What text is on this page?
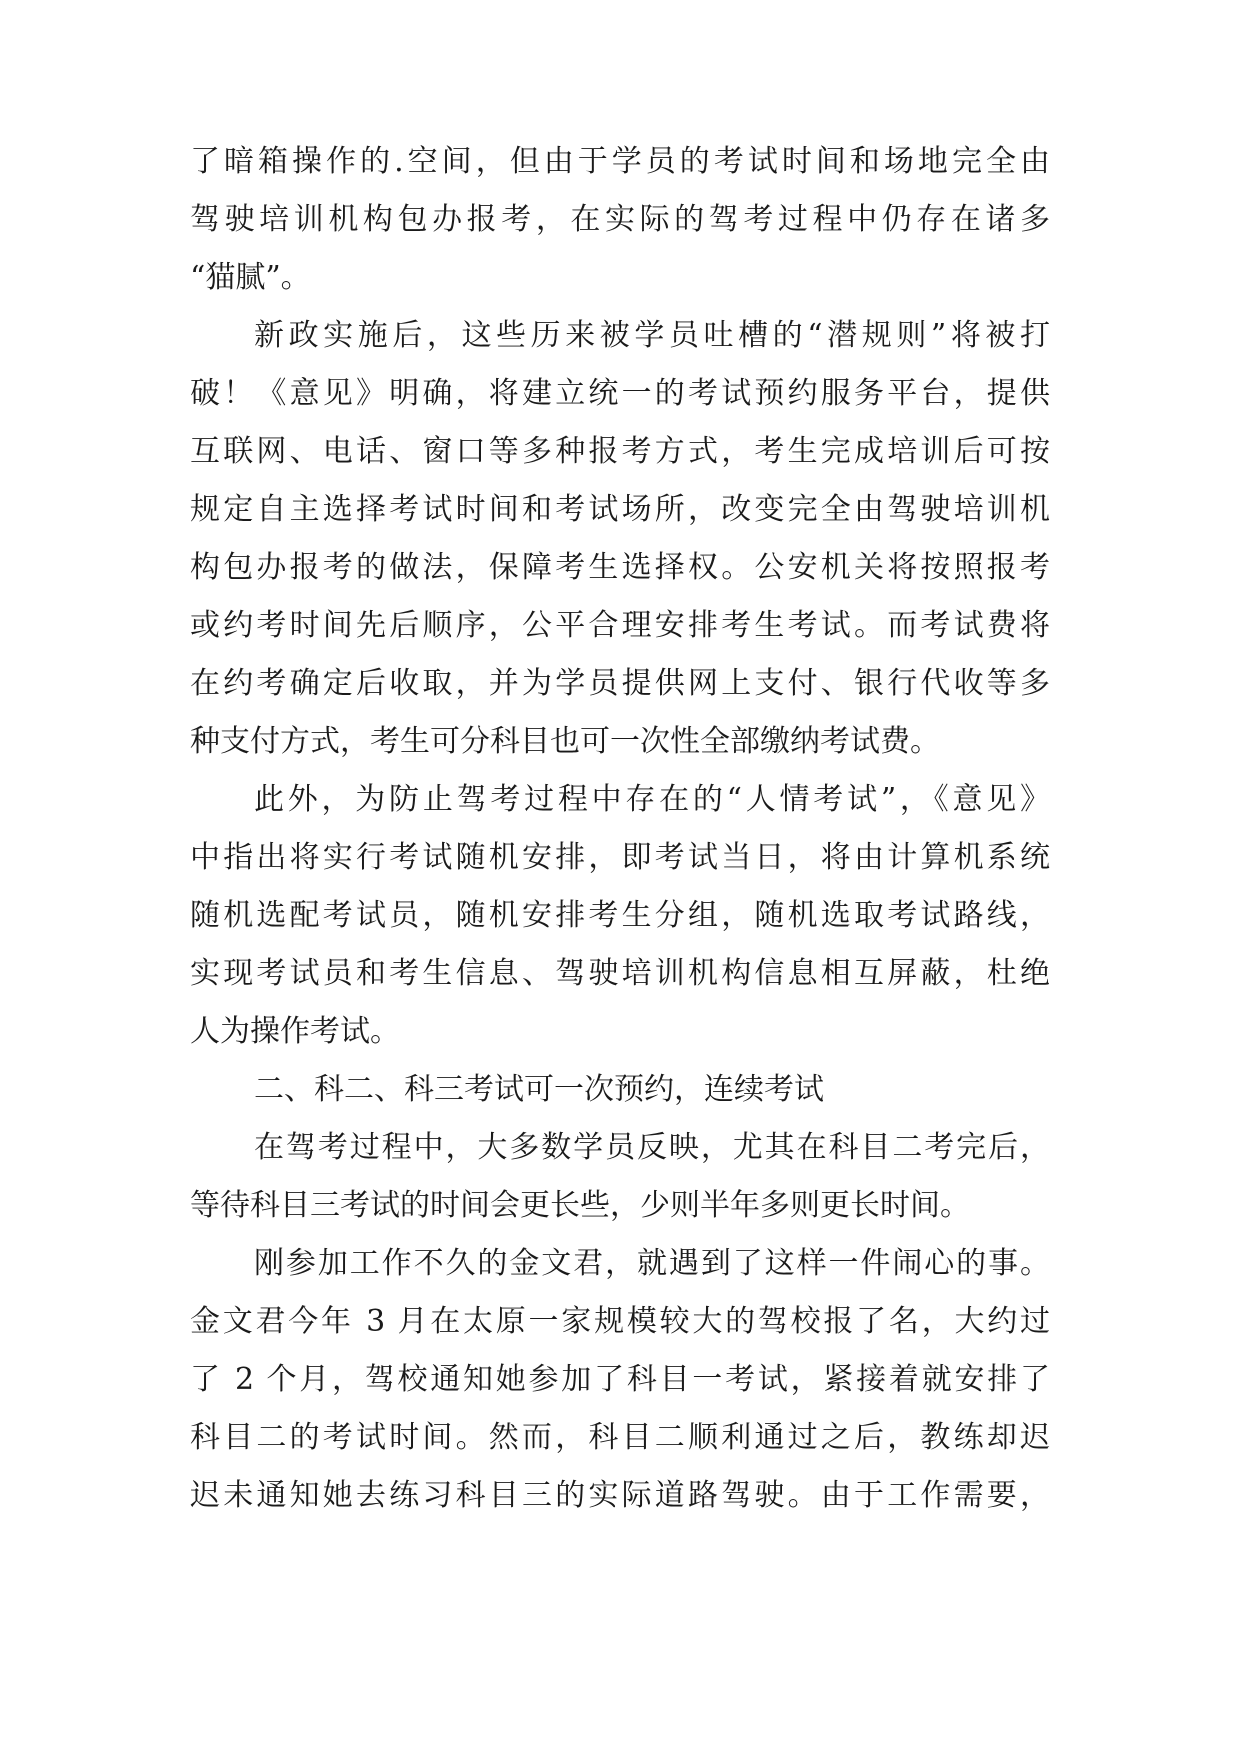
了暗箱操作的.空间，但由于学员的考试时间和场地完全由
驾驶培训机构包办报考，在实际的驾考过程中仍存在诸多
“猫腻”。
新政实施后，这些历来被学员吐槽的“潜规则”将被打
破！《意见》明确，将建立统一的考试预约服务平台，提供
互联网、电话、窗口等多种报考方式，考生完成培训后可按
规定自主选择考试时间和考试场所，改变完全由驾驶培训机
构包办报考的做法，保障考生选择权。公安机关将按照报考
或约考时间先后顺序，公平合理安排考生考试。而考试费将
在约考确定后收取，并为学员提供网上支付、银行代收等多
种支付方式，考生可分科目也可一次性全部缴纳考试费。
此外，为防止驾考过程中存在的“人情考试”，《意见》
中指出将实行考试随机安排，即考试当日，将由计算机系统
随机选配考试员，随机安排考生分组，随机选取考试路线，
实现考试员和考生信息、驾驶培训机构信息相互屏蔽，杜绝
人为操作考试。
二、科二、科三考试可一次预约，连续考试
在驾考过程中，大多数学员反映，尤其在科目二考完后，
等待科目三考试的时间会更长些，少则半年多则更长时间。
刚参加工作不久的金文君，就遇到了这样一件闹心的事。
金文君今年 3 月在太原一家规模较大的驾校报了名，大约过
了 2 个月，驾校通知她参加了科目一考试，紧接着就安排了
科目二的考试时间。然而，科目二顺利通过之后，教练却迟
迟未通知她去练习科目三的实际道路驾驶。由于工作需要，
